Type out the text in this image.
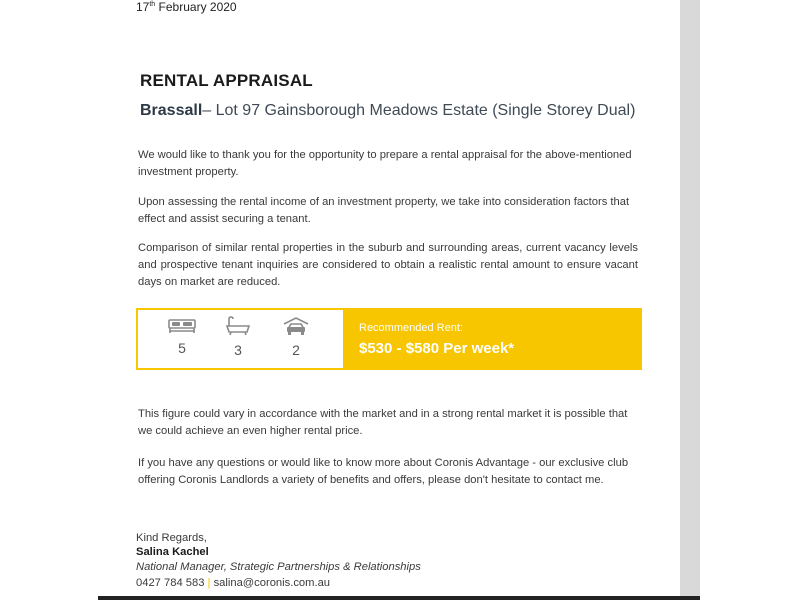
17th February 2020
RENTAL APPRAISAL
Brassall– Lot 97 Gainsborough Meadows Estate (Single Storey Dual)
We would like to thank you for the opportunity to prepare a rental appraisal for the above-mentioned investment property.
Upon assessing the rental income of an investment property, we take into consideration factors that effect and assist securing a tenant.
Comparison of similar rental properties in the suburb and surrounding areas, current vacancy levels and prospective tenant inquiries are considered to obtain a realistic rental amount to ensure vacant days on market are reduced.
5	3	2
Recommended Rent:
$530 - $580 Per week*
This figure could vary in accordance with the market and in a strong rental market it is possible that we could achieve an even higher rental price.
If you have any questions or would like to know more about Coronis Advantage - our exclusive club offering Coronis Landlords a variety of benefits and offers, please don't hesitate to contact me.
Kind Regards,
Salina Kachel
National Manager, Strategic Partnerships & Relationships
0427 784 583 | salina@coronis.com.au
